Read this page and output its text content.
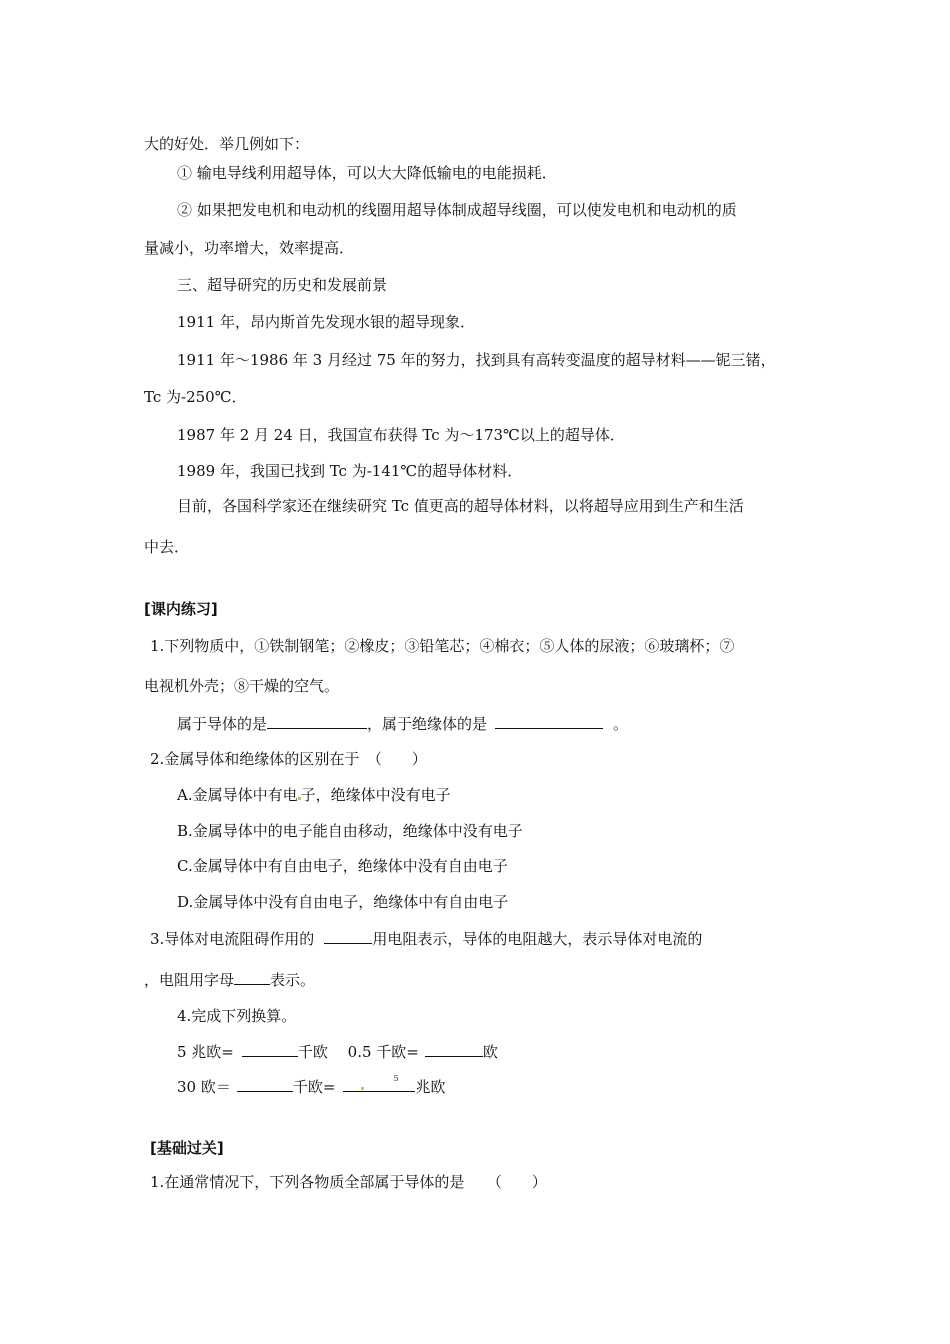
大的好处．举几例如下：
① 输电导线利用超导体，可以大大降低输电的电能损耗．
② 如果把发电机和电动机的线圈用超导体制成超导线圈，可以使发电机和电动机的质
量减小，功率增大，效率提高．
三、超导研究的历史和发展前景
1911 年，昂内斯首先发现水银的超导现象．
1911 年～1986 年 3 月经过 75 年的努力，找到具有高转变温度的超导材料——铌三锗，
Tc 为-250℃．
1987 年 2 月 24 日，我国宣布获得 Tc 为～173℃以上的超导体．
1989 年，我国已找到 Tc 为-141℃的超导体材料．
目前，各国科学家还在继续研究 Tc 值更高的超导体材料，以将超导应用到生产和生活
中去．
[课内练习]
1.下列物质中，①铁制钢笔；②橡皮；③铅笔芯；④棉衣；⑤人体的尿液；⑥玻璃杯；⑦
电视机外壳；⑧干燥的空气。
属于导体的是	，属于绝缘体的是	。
2.金属导体和绝缘体的区别在于　（　　）
A.金属导体中有电 子，绝缘体中没有电子
B.金属导体中的电子能自由移动，绝缘体中没有电子
C.金属导体中有自由电子，绝缘体中没有自由电子
D.金属导体中没有自由电子，绝缘体中有自由电子
3.导体对电流阻碍作用的	用电阻表示，导体的电阻越大，表示导体对电流的
，电阻用字母 表示。
4.完成下列换算。
5 兆欧=	千欧　 0.5 千欧=	欧
30 欧＝	千欧=	5 兆欧
[基础过关]
1.在通常情况下，下列各物质全部属于导体的是　　（　　）
